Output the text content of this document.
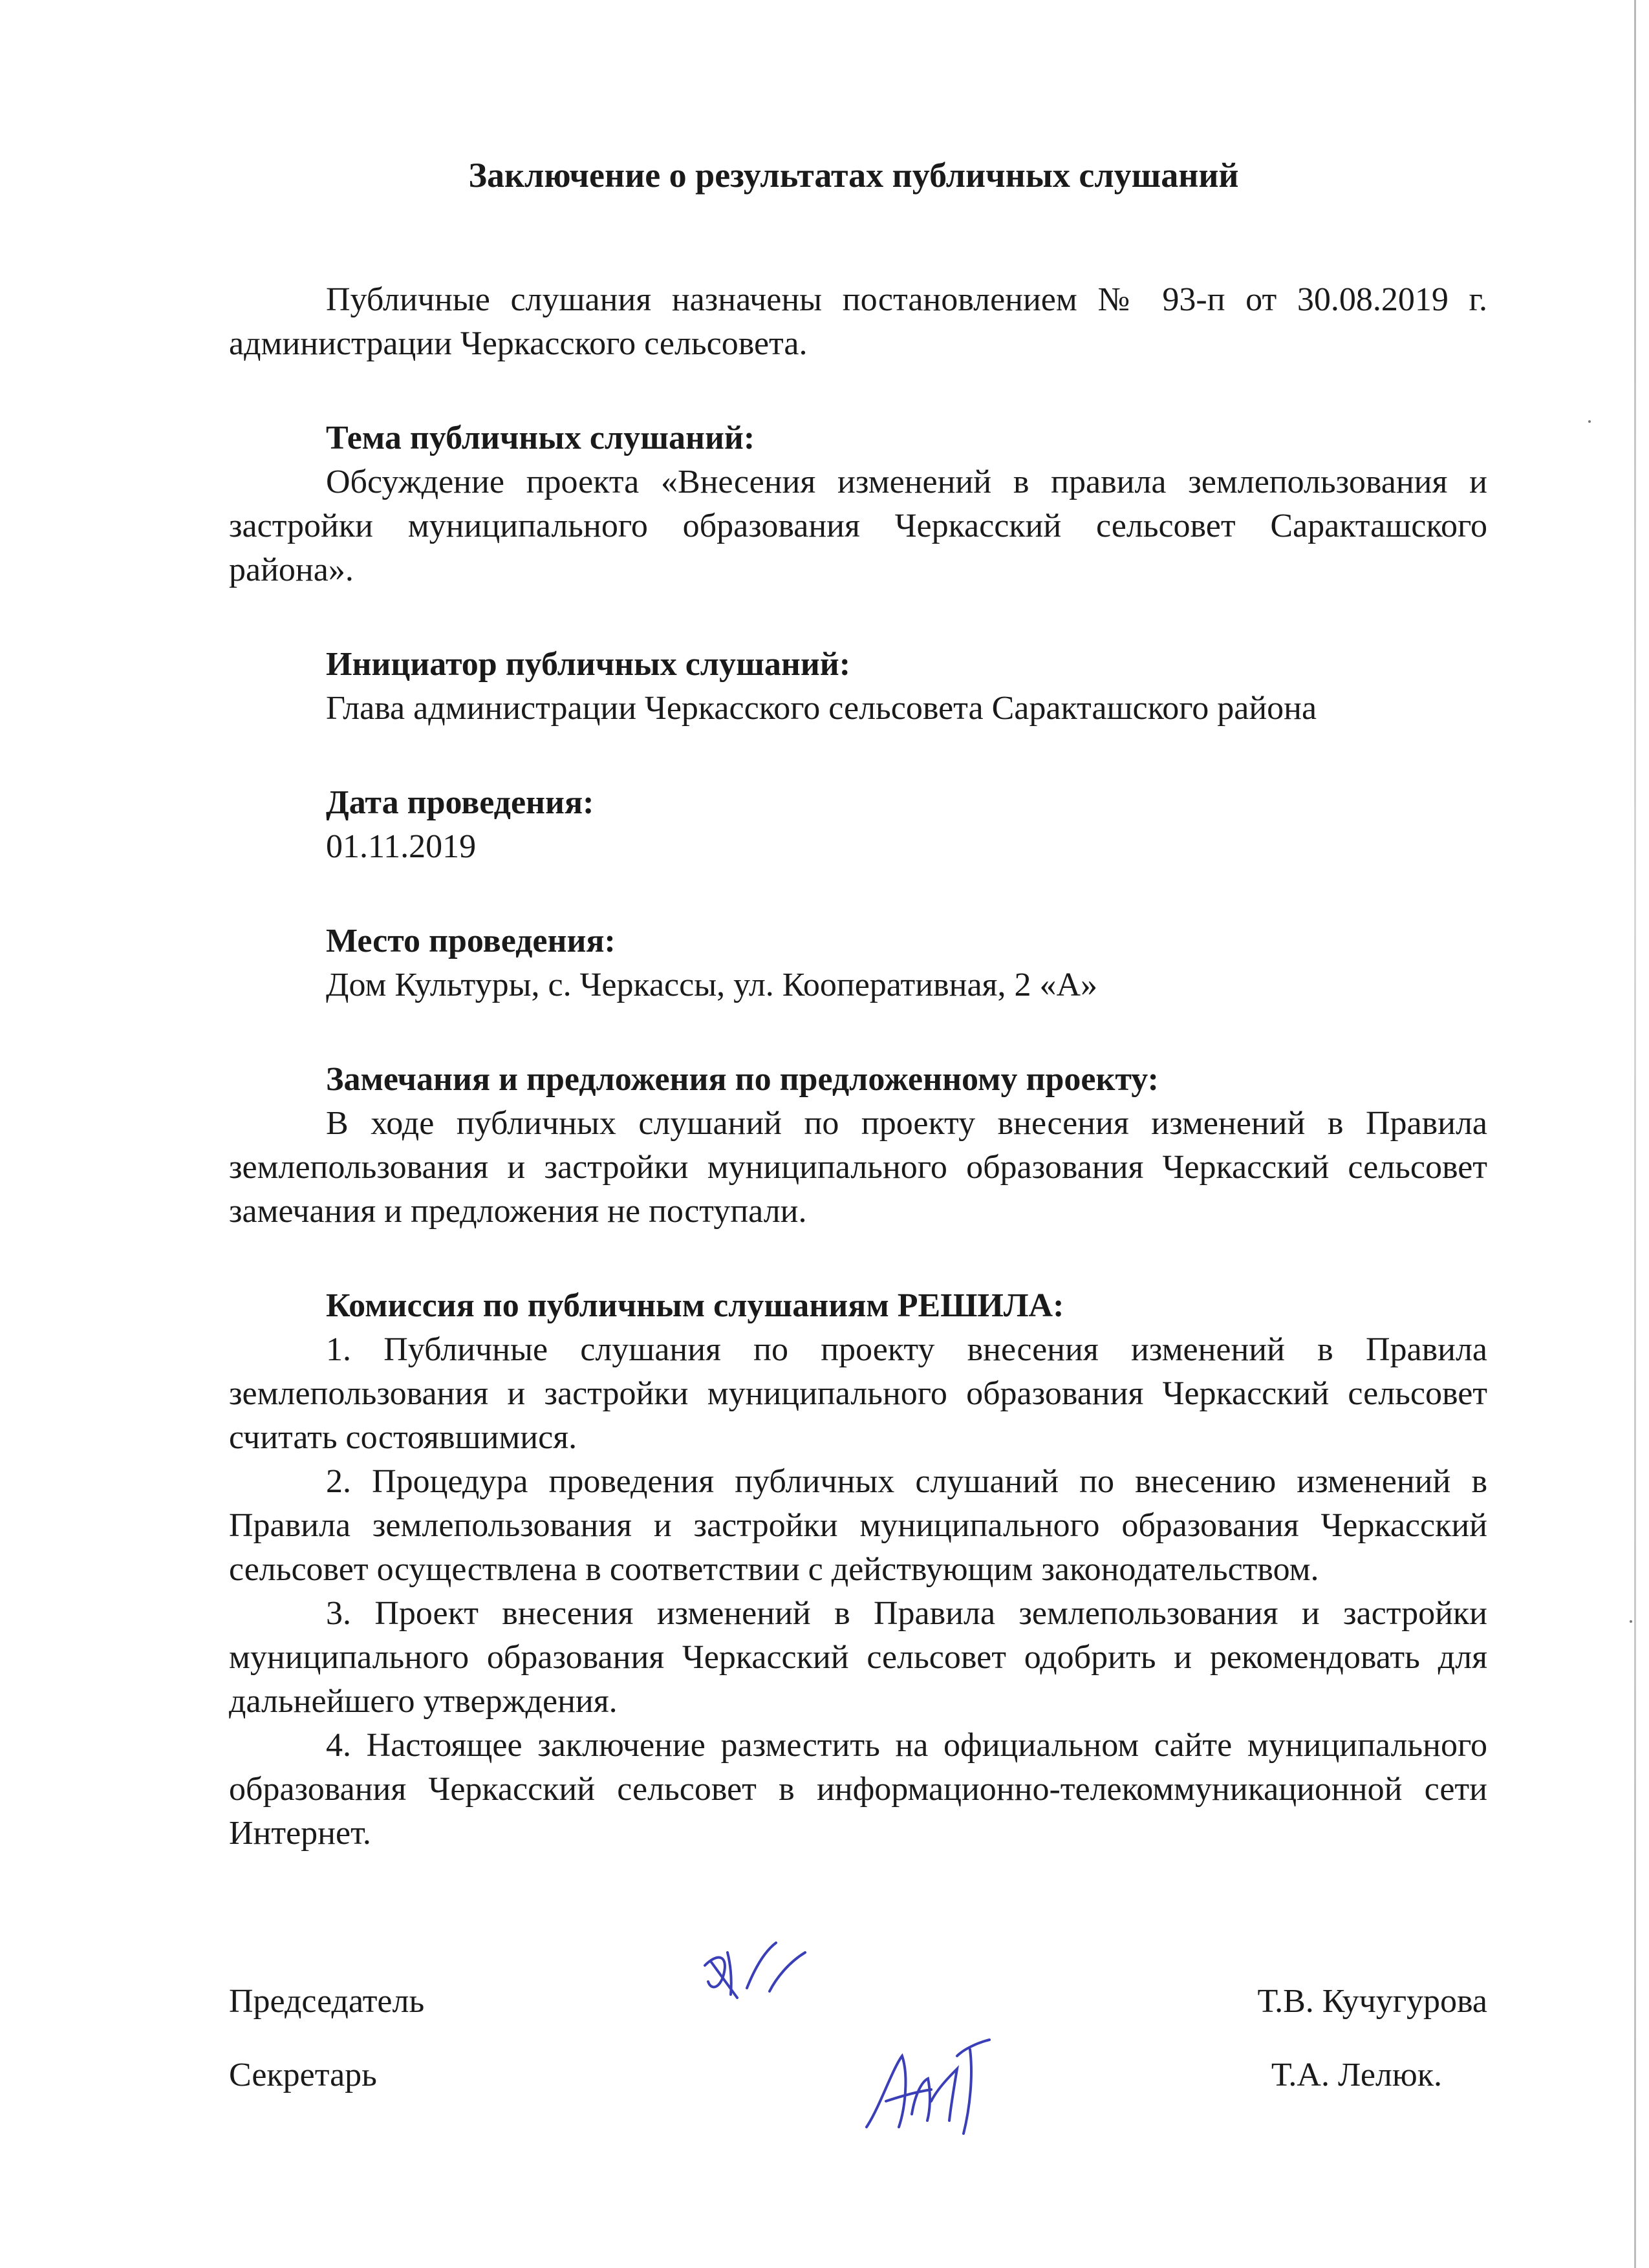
Заключение о результатах публичных слушаний

Публичные слушания назначены постановлением № 93-п от 30.08.2019 г. администрации Черкасского сельсовета.

Тема публичных слушаний:

Обсуждение проекта «Внесения изменений в правила землепользования и застройки муниципального образования Черкасский сельсовет Саракташского района».

Инициатор публичных слушаний:

Глава администрации Черкасского сельсовета Саракташского района

Дата проведения:

01.11.2019

Место проведения:

Дом Культуры, с. Черкассы, ул. Кооперативная, 2 «А»

Замечания и предложения по предложенному проекту:

В ходе публичных слушаний по проекту внесения изменений в Правила землепользования и застройки муниципального образования Черкасский сельсовет замечания и предложения не поступали.

Комиссия по публичным слушаниям РЕШИЛА:

1. Публичные слушания по проекту внесения изменений в Правила землепользования и застройки муниципального образования Черкасский сельсовет считать состоявшимися.

2. Процедура проведения публичных слушаний по внесению изменений в Правила землепользования и застройки муниципального образования Черкасский сельсовет осуществлена в соответствии с действующим законодательством.

3. Проект внесения изменений в Правила землепользования и застройки муниципального образования Черкасский сельсовет одобрить и рекомендовать для дальнейшего утверждения.

4. Настоящее заключение разместить на официальном сайте муниципального образования Черкасский сельсовет в информационно-телекоммуникационной сети Интернет.

Председатель	Т.В. Кучугурова
Секретарь	Т.А. Лелюк.
